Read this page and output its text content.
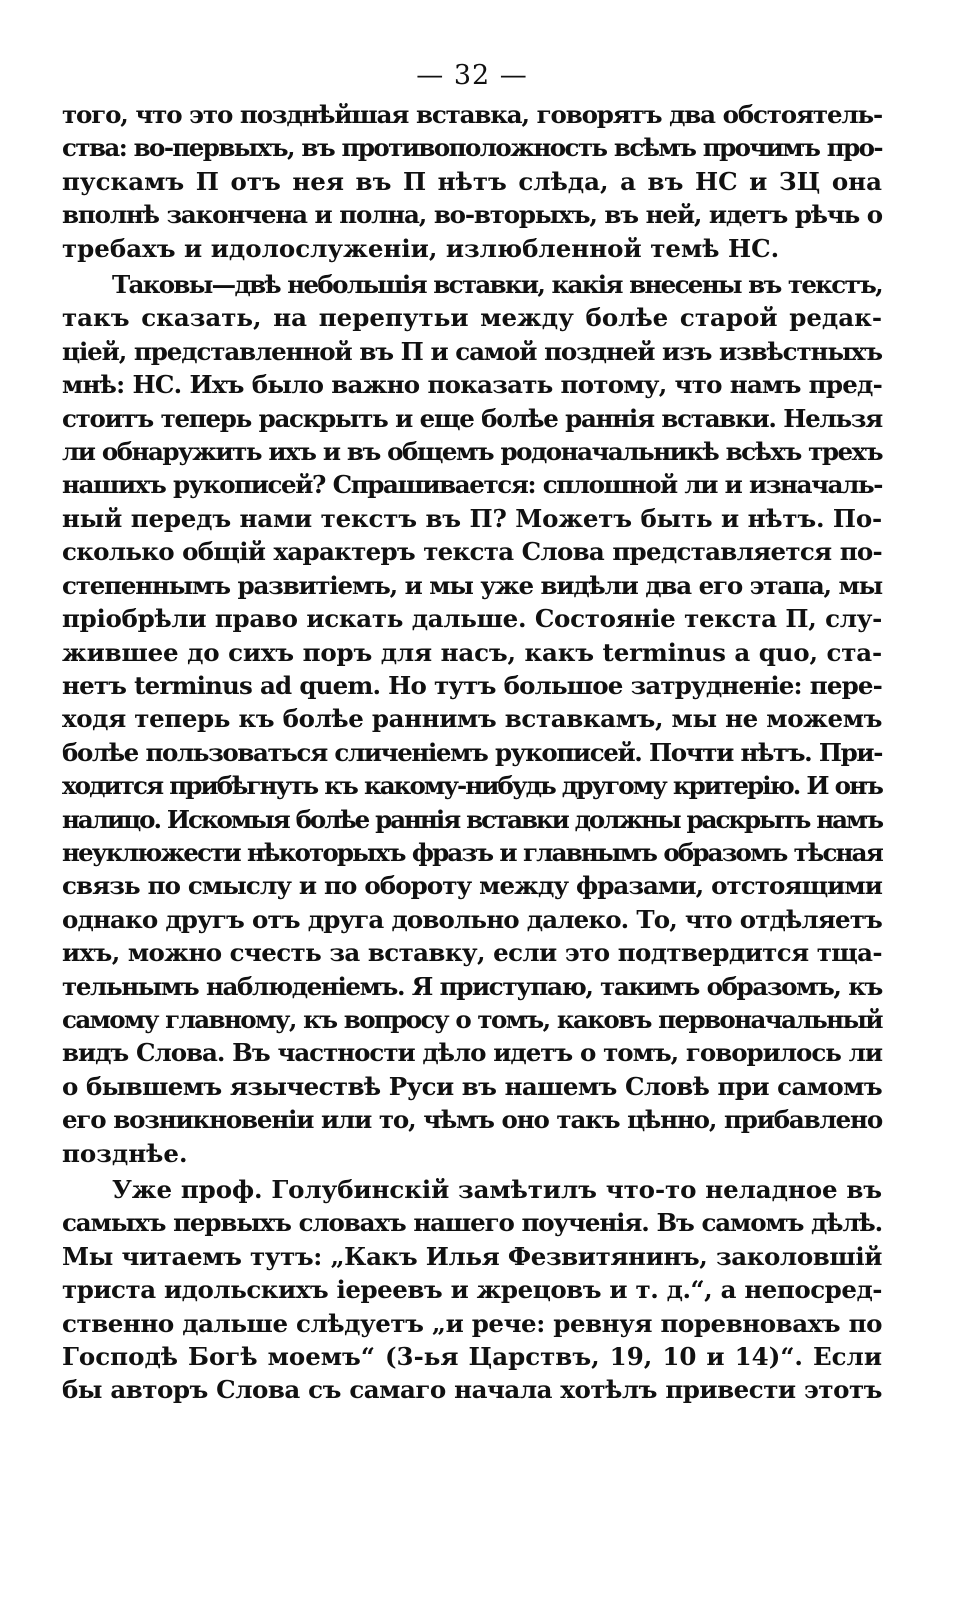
— 32 —
того, что это позднѣйшая вставка, говорятъ два обстоятель-
ства: во-первыхъ, въ противоположность всѣмъ прочимъ про-
пускамъ П отъ нея въ П нѣтъ слѣда, а въ НС и ЗЦ она
вполнѣ закончена и полна, во-вторыхъ, въ ней, идетъ рѣчь о
требахъ и идолослуженіи, излюбленной темѣ НС.
Таковы—двѣ небольшія вставки, какія внесены въ текстъ,
такъ сказать, на перепутьи между болѣе старой редак-
ціей, представленной въ П и самой поздней изъ извѣстныхъ
мнѣ: НС. Ихъ было важно показать потому, что намъ пред-
стоитъ теперь раскрыть и еще болѣе раннія вставки. Нельзя
ли обнаружить ихъ и въ общемъ родоначальникѣ всѣхъ трехъ
нашихъ рукописей? Спрашивается: сплошной ли и изначаль-
ный передъ нами текстъ въ П? Можетъ быть и нѣтъ. По-
сколько общій характеръ текста Слова представляется по-
степеннымъ развитіемъ, и мы уже видѣли два его этапа, мы
пріобрѣли право искать дальше. Состояніе текста П, слу-
жившее до сихъ поръ для насъ, какъ terminus a quo, ста-
нетъ terminus ad quem. Но тутъ большое затрудненіе: пере-
ходя теперь къ болѣе раннимъ вставкамъ, мы не можемъ
болѣе пользоваться сличеніемъ рукописей. Почти нѣтъ. При-
ходится прибѣгнуть къ какому-нибудь другому критерію. И онъ
налицо. Искомыя болѣе раннія вставки должны раскрыть намъ
неуклюжести нѣкоторыхъ фразъ и главнымъ образомъ тѣсная
связь по смыслу и по обороту между фразами, отстоящими
однако другъ отъ друга довольно далеко. То, что отдѣляетъ
ихъ, можно счесть за вставку, если это подтвердится тща-
тельнымъ наблюденіемъ. Я приступаю, такимъ образомъ, къ
самому главному, къ вопросу о томъ, каковъ первоначальный
видъ Слова. Въ частности дѣло идетъ о томъ, говорилось ли
о бывшемъ язычествѣ Руси въ нашемъ Словѣ при самомъ
его возникновеніи или то, чѣмъ оно такъ цѣнно, прибавлено
позднѣе.
Уже проф. Голубинскій замѣтилъ что-то неладное въ
самыхъ первыхъ словахъ нашего поученія. Въ самомъ дѣлѣ.
Мы читаемъ тутъ: „Какъ Илья Фезвитянинъ, заколовшій
триста идольскихъ іереевъ и жрецовъ и т. д.“, а непосред-
ственно дальше слѣдуетъ „и рече: ревнуя поревновахъ по
Господѣ Богѣ моемъ“ (3-ья Царствъ, 19, 10 и 14)“. Если
бы авторъ Слова съ самаго начала хотѣлъ привести этотъ
